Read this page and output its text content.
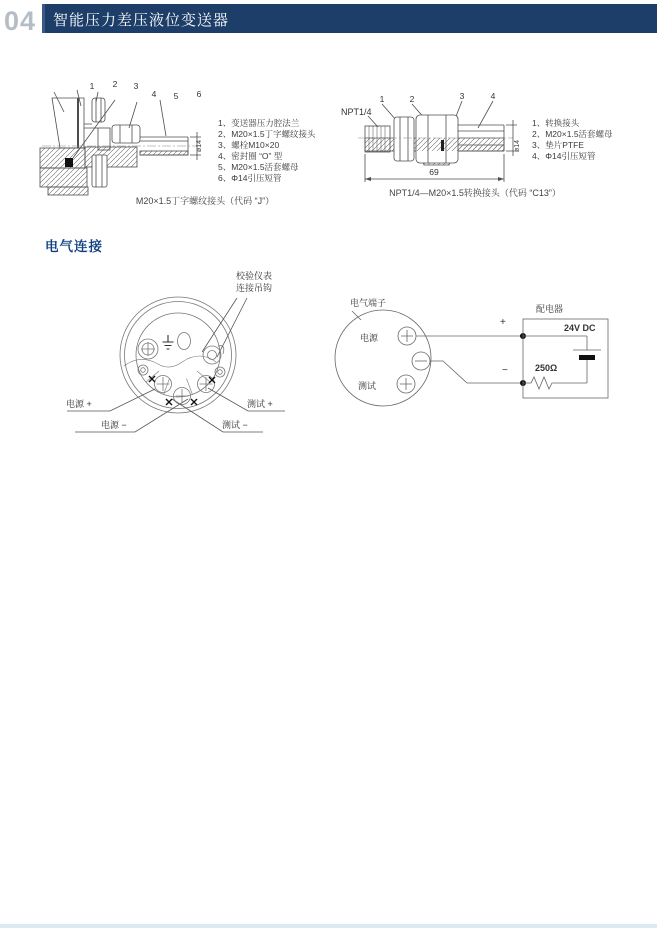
04 智能压力差压液位变送器
1 2 3
4 5 6
ø14
1、变送器压力腔法兰
2、M20×1.5丁字螺纹接头
3、螺栓M10×20
4、密封圈 “O” 型
5、M20×1.5活套螺母
6、Φ14引压短管
M20×1.5丁字螺纹接头（代码 “J”）
NPT1/4
1	2	3	4
ø14
69
1、转换接头
2、M20×1.5活套螺母
3、垫片PTFE
4、Φ14引压短管
NPT1/4—M20×1.5转换接头（代码 “C13”）
电气连接
校验仪表
连接吊钩
电源 +
电源 −
测试 +
测试 −
电气端子
电源
测试
+
−
配电器
24V DC
250Ω
